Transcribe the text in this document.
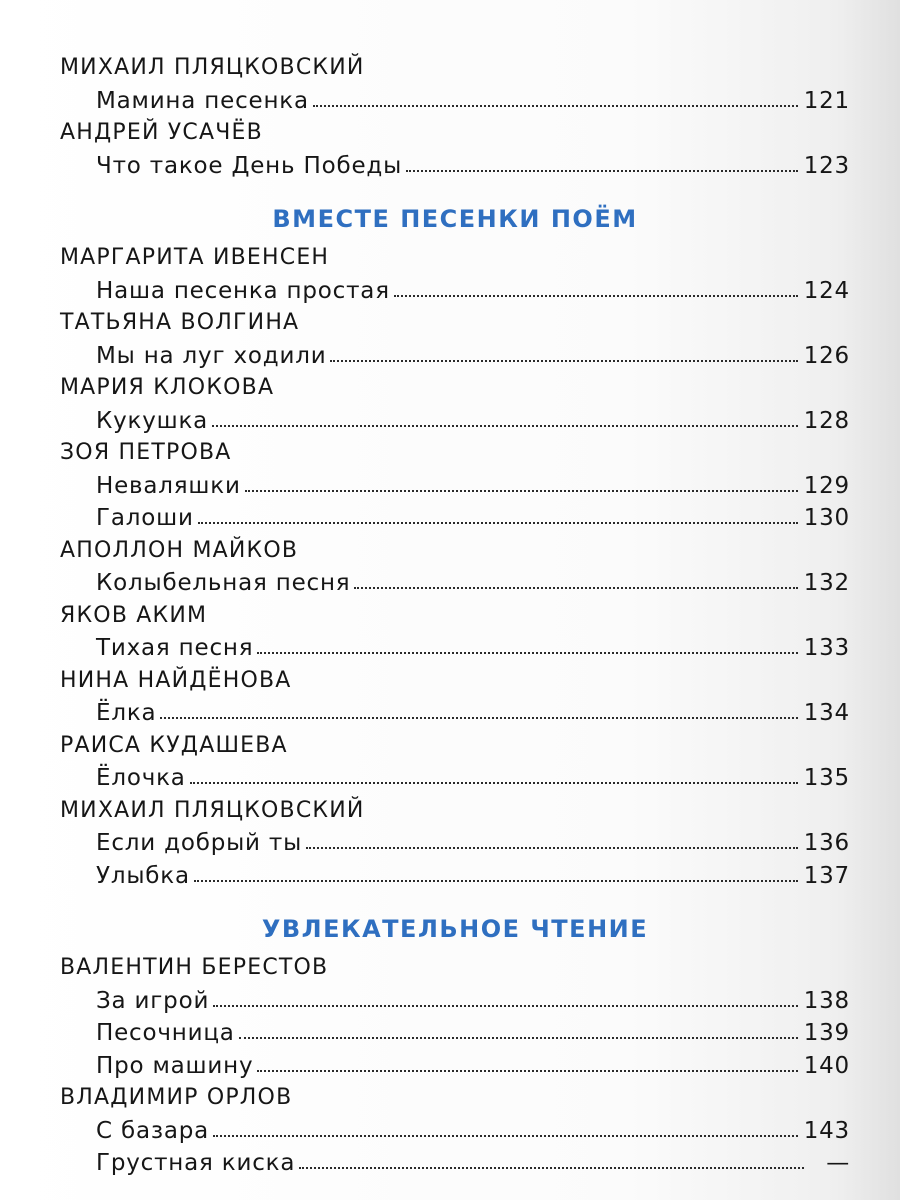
МИХАИЛ ПЛЯЦКОВСКИЙ
Мамина песенка	121
АНДРЕЙ УСАЧЁВ
Что такое День Победы	123
ВМЕСТЕ ПЕСЕНКИ ПОЁМ
МАРГАРИТА ИВЕНСЕН
Наша песенка простая	124
ТАТЬЯНА ВОЛГИНА
Мы на луг ходили	126
МАРИЯ КЛОКОВА
Кукушка	128
ЗОЯ ПЕТРОВА
Неваляшки	129
Галоши	130
АПОЛЛОН МАЙКОВ
Колыбельная песня	132
ЯКОВ АКИМ
Тихая песня	133
НИНА НАЙДЁНОВА
Ёлка	134
РАИСА КУДАШЕВА
Ёлочка	135
МИХАИЛ ПЛЯЦКОВСКИЙ
Если добрый ты	136
Улыбка	137
УВЛЕКАТЕЛЬНОЕ ЧТЕНИЕ
ВАЛЕНТИН БЕРЕСТОВ
За игрой	138
Песочница	139
Про машину	140
ВЛАДИМИР ОРЛОВ
С базара	143
Грустная киска	—
